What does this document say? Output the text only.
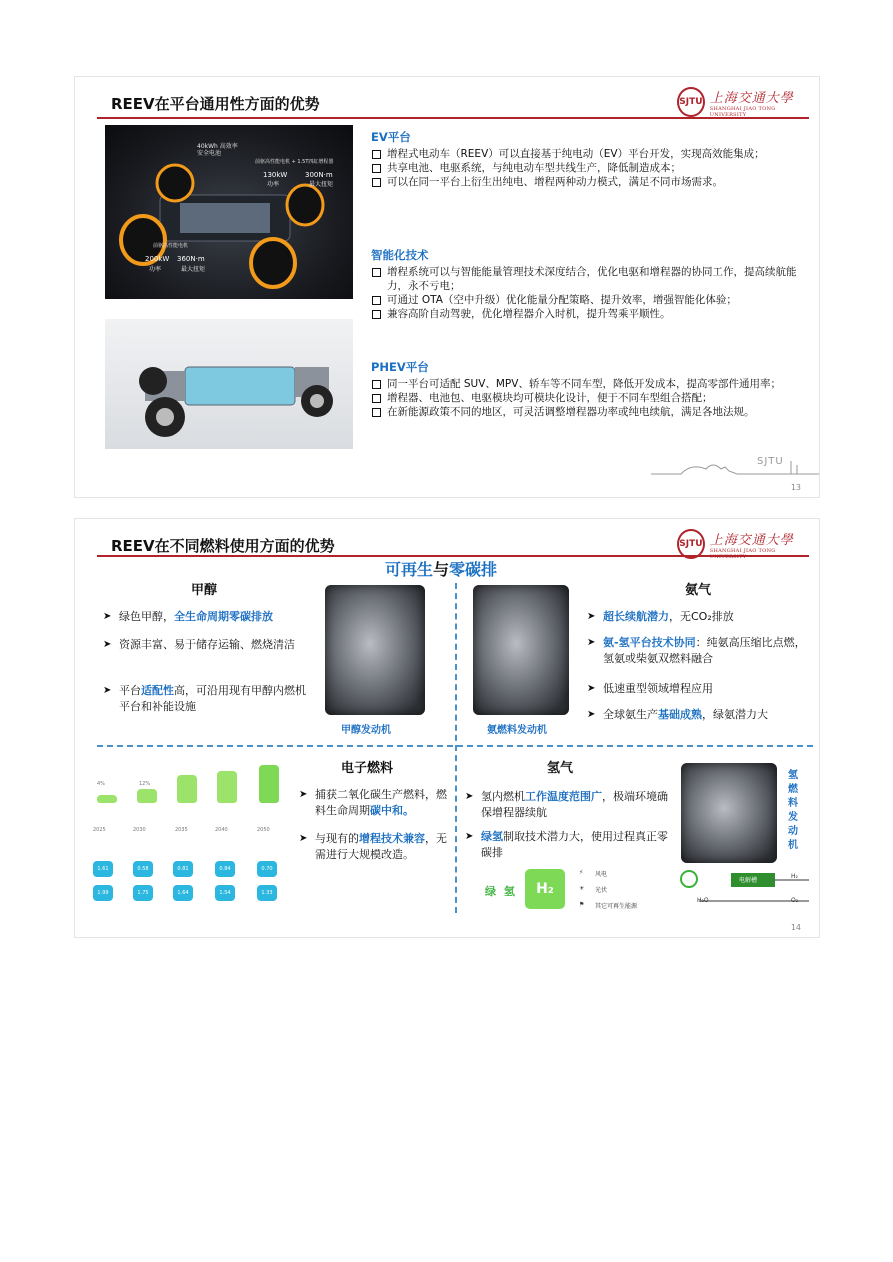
REEV在平台通用性方面的优势	SJTU 上海交通大學
SHANGHAI JIAO TONG UNIVERSITY
40kWh 高效率
安全电池
前驱高性能电机 + 1.5T四缸增程器
130kW
功率
300N·m
最大扭矩
前驱高性能电机
200kW
功率
360N·m
最大扭矩
EV平台
增程式电动车（REEV）可以直接基于纯电动（EV）平台开发，实现高效能集成；
共享电池、电驱系统，与纯电动车型共线生产，降低制造成本；
可以在同一平台上衍生出纯电、增程两种动力模式，满足不同市场需求。
智能化技术
增程系统可以与智能能量管理技术深度结合，优化电驱和增程器的协同工作，提高续航能力，永不亏电；
可通过 OTA（空中升级）优化能量分配策略、提升效率，增强智能化体验；
兼容高阶自动驾驶，优化增程器介入时机，提升驾乘平顺性。
PHEV平台
同一平台可适配 SUV、MPV、轿车等不同车型，降低开发成本，提高零部件通用率；
增程器、电池包、电驱模块均可模块化设计，便于不同车型组合搭配；
在新能源政策不同的地区，可灵活调整增程器功率或纯电续航，满足各地法规。
SJTU
13
REEV在不同燃料使用方面的优势	SJTU 上海交通大學
SHANGHAI JIAO TONG UNIVERSITY
可再生与零碳排
甲醇
➤ 绿色甲醇，全生命周期零碳排放
➤ 资源丰富、易于储存运输、燃烧清洁
➤ 平台适配性高，可沿用现有甲醇内燃机平台和补能设施
甲醇发动机	氨燃料发动机
氨气
➤ 超长续航潜力，无CO₂排放
➤ 氨-氢平台技术协同：纯氨高压缩比点燃，氢氨或柴氨双燃料融合
➤ 低速重型领域增程应用
➤ 全球氨生产基础成熟，绿氨潜力大
4%	12%
2025	2030	2035	2040	2050
1.61	0.58	0.81	0.84	0.70
1.99	1.75	1.64	1.54	1.33
电子燃料
➤ 捕获二氧化碳生产燃料，燃料生命周期碳中和。
➤ 与现有的增程技术兼容，无需进行大规模改造。
氢气
➤ 氢内燃机工作温度范围广，极端环境确保增程器续航
➤ 绿氢制取技术潜力大，使用过程真正零碳排
绿 氢	H₂
⚡ 风电
☀ 光伏
⚑ 其它可再生能源
氢燃料发动机
电解槽
H₂
H₂O	O₂
14
